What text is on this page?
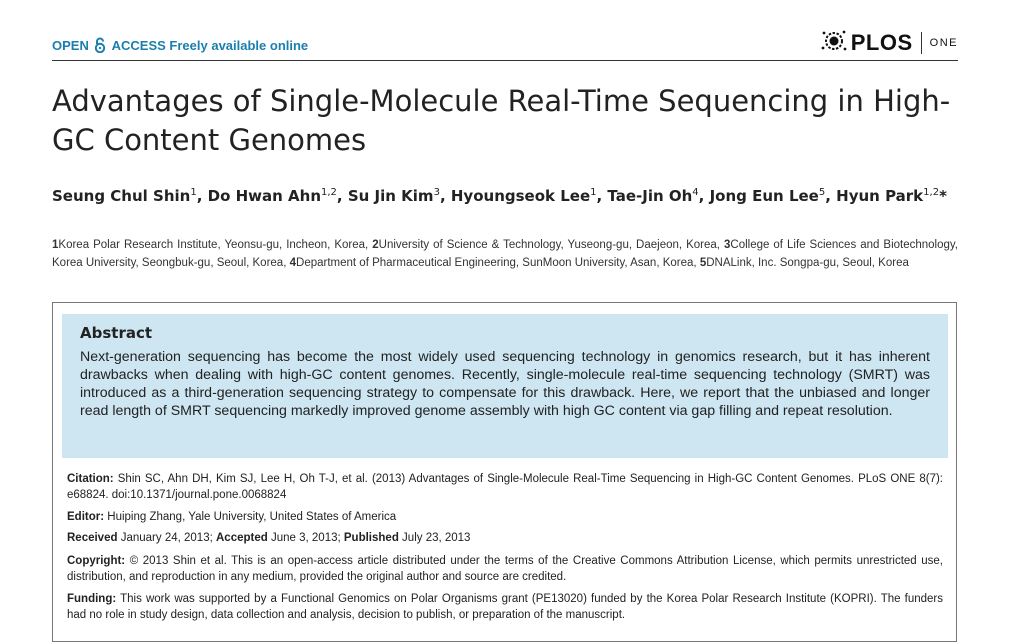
OPEN ACCESS Freely available online	PLOS ONE
Advantages of Single-Molecule Real-Time Sequencing in High-GC Content Genomes
Seung Chul Shin$^1$, Do Hwan Ahn$^{1,2}$, Su Jin Kim$^3$, Hyoungseok Lee$^1$, Tae-Jin Oh$^4$, Jong Eun Lee$^5$, Hyun Park$^{1,2}$*
1Korea Polar Research Institute, Yeonsu-gu, Incheon, Korea, 2University of Science & Technology, Yuseong-gu, Daejeon, Korea, 3College of Life Sciences and Biotechnology, Korea University, Seongbuk-gu, Seoul, Korea, 4Department of Pharmaceutical Engineering, SunMoon University, Asan, Korea, 5DNALink, Inc. Songpa-gu, Seoul, Korea
Abstract

Next-generation sequencing has become the most widely used sequencing technology in genomics research, but it has inherent drawbacks when dealing with high-GC content genomes. Recently, single-molecule real-time sequencing technology (SMRT) was introduced as a third-generation sequencing strategy to compensate for this drawback. Here, we report that the unbiased and longer read length of SMRT sequencing markedly improved genome assembly with high GC content via gap filling and repeat resolution.

Citation: Shin SC, Ahn DH, Kim SJ, Lee H, Oh T-J, et al. (2013) Advantages of Single-Molecule Real-Time Sequencing in High-GC Content Genomes. PLoS ONE 8(7): e68824. doi:10.1371/journal.pone.0068824
Editor: Huiping Zhang, Yale University, United States of America
Received January 24, 2013; Accepted June 3, 2013; Published July 23, 2013
Copyright: © 2013 Shin et al. This is an open-access article distributed under the terms of the Creative Commons Attribution License, which permits unrestricted use, distribution, and reproduction in any medium, provided the original author and source are credited.
Funding: This work was supported by a Functional Genomics on Polar Organisms grant (PE13020) funded by the Korea Polar Research Institute (KOPRI). The funders had no role in study design, data collection and analysis, decision to publish, or preparation of the manuscript.
